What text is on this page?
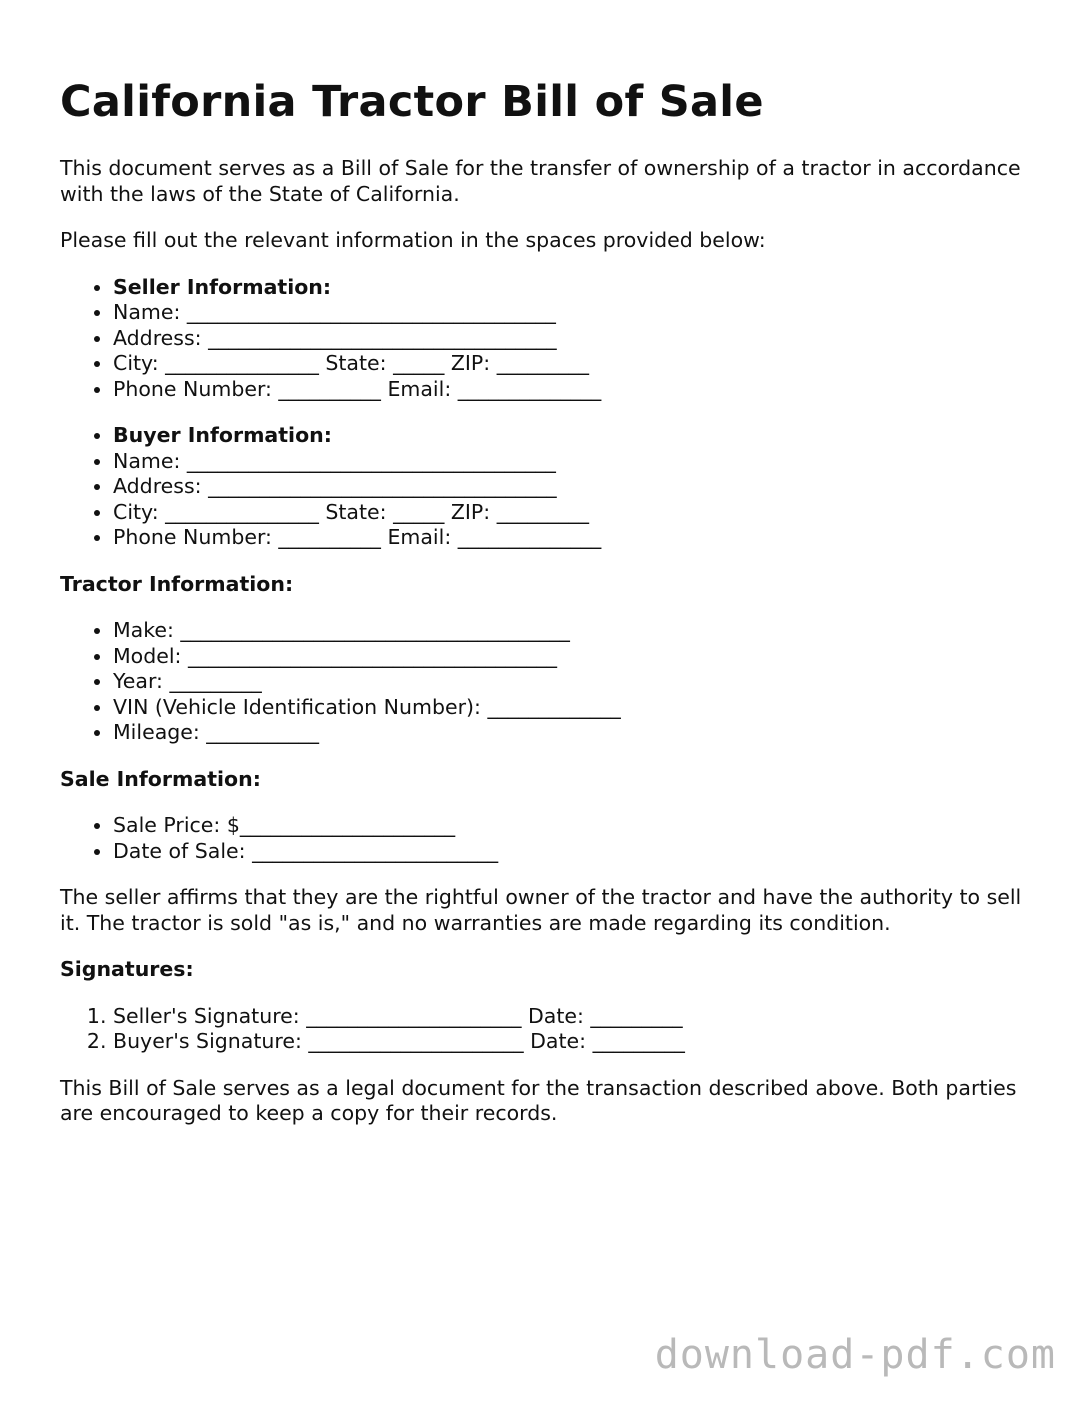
California Tractor Bill of Sale

This document serves as a Bill of Sale for the transfer of ownership of a tractor in accordance with the laws of the State of California.

Please fill out the relevant information in the spaces provided below:

• Seller Information:
• Name: ____________________________________
• Address: __________________________________
• City: _______________ State: _____ ZIP: _________
• Phone Number: __________ Email: ______________
• Buyer Information:
• Name: ____________________________________
• Address: __________________________________
• City: _______________ State: _____ ZIP: _________
• Phone Number: __________ Email: ______________
Tractor Information:
• Make: ______________________________________
• Model: ____________________________________
• Year: _________
• VIN (Vehicle Identification Number): _____________
• Mileage: ___________
Sale Information:
• Sale Price: $_____________________
• Date of Sale: ________________________

The seller affirms that they are the rightful owner of the tractor and have the authority to sell it. The tractor is sold "as is," and no warranties are made regarding its condition.

Signatures:
1. Seller's Signature: _____________________ Date: _________
2. Buyer's Signature: _____________________ Date: _________

This Bill of Sale serves as a legal document for the transaction described above. Both parties are encouraged to keep a copy for their records.

download-pdf.com
